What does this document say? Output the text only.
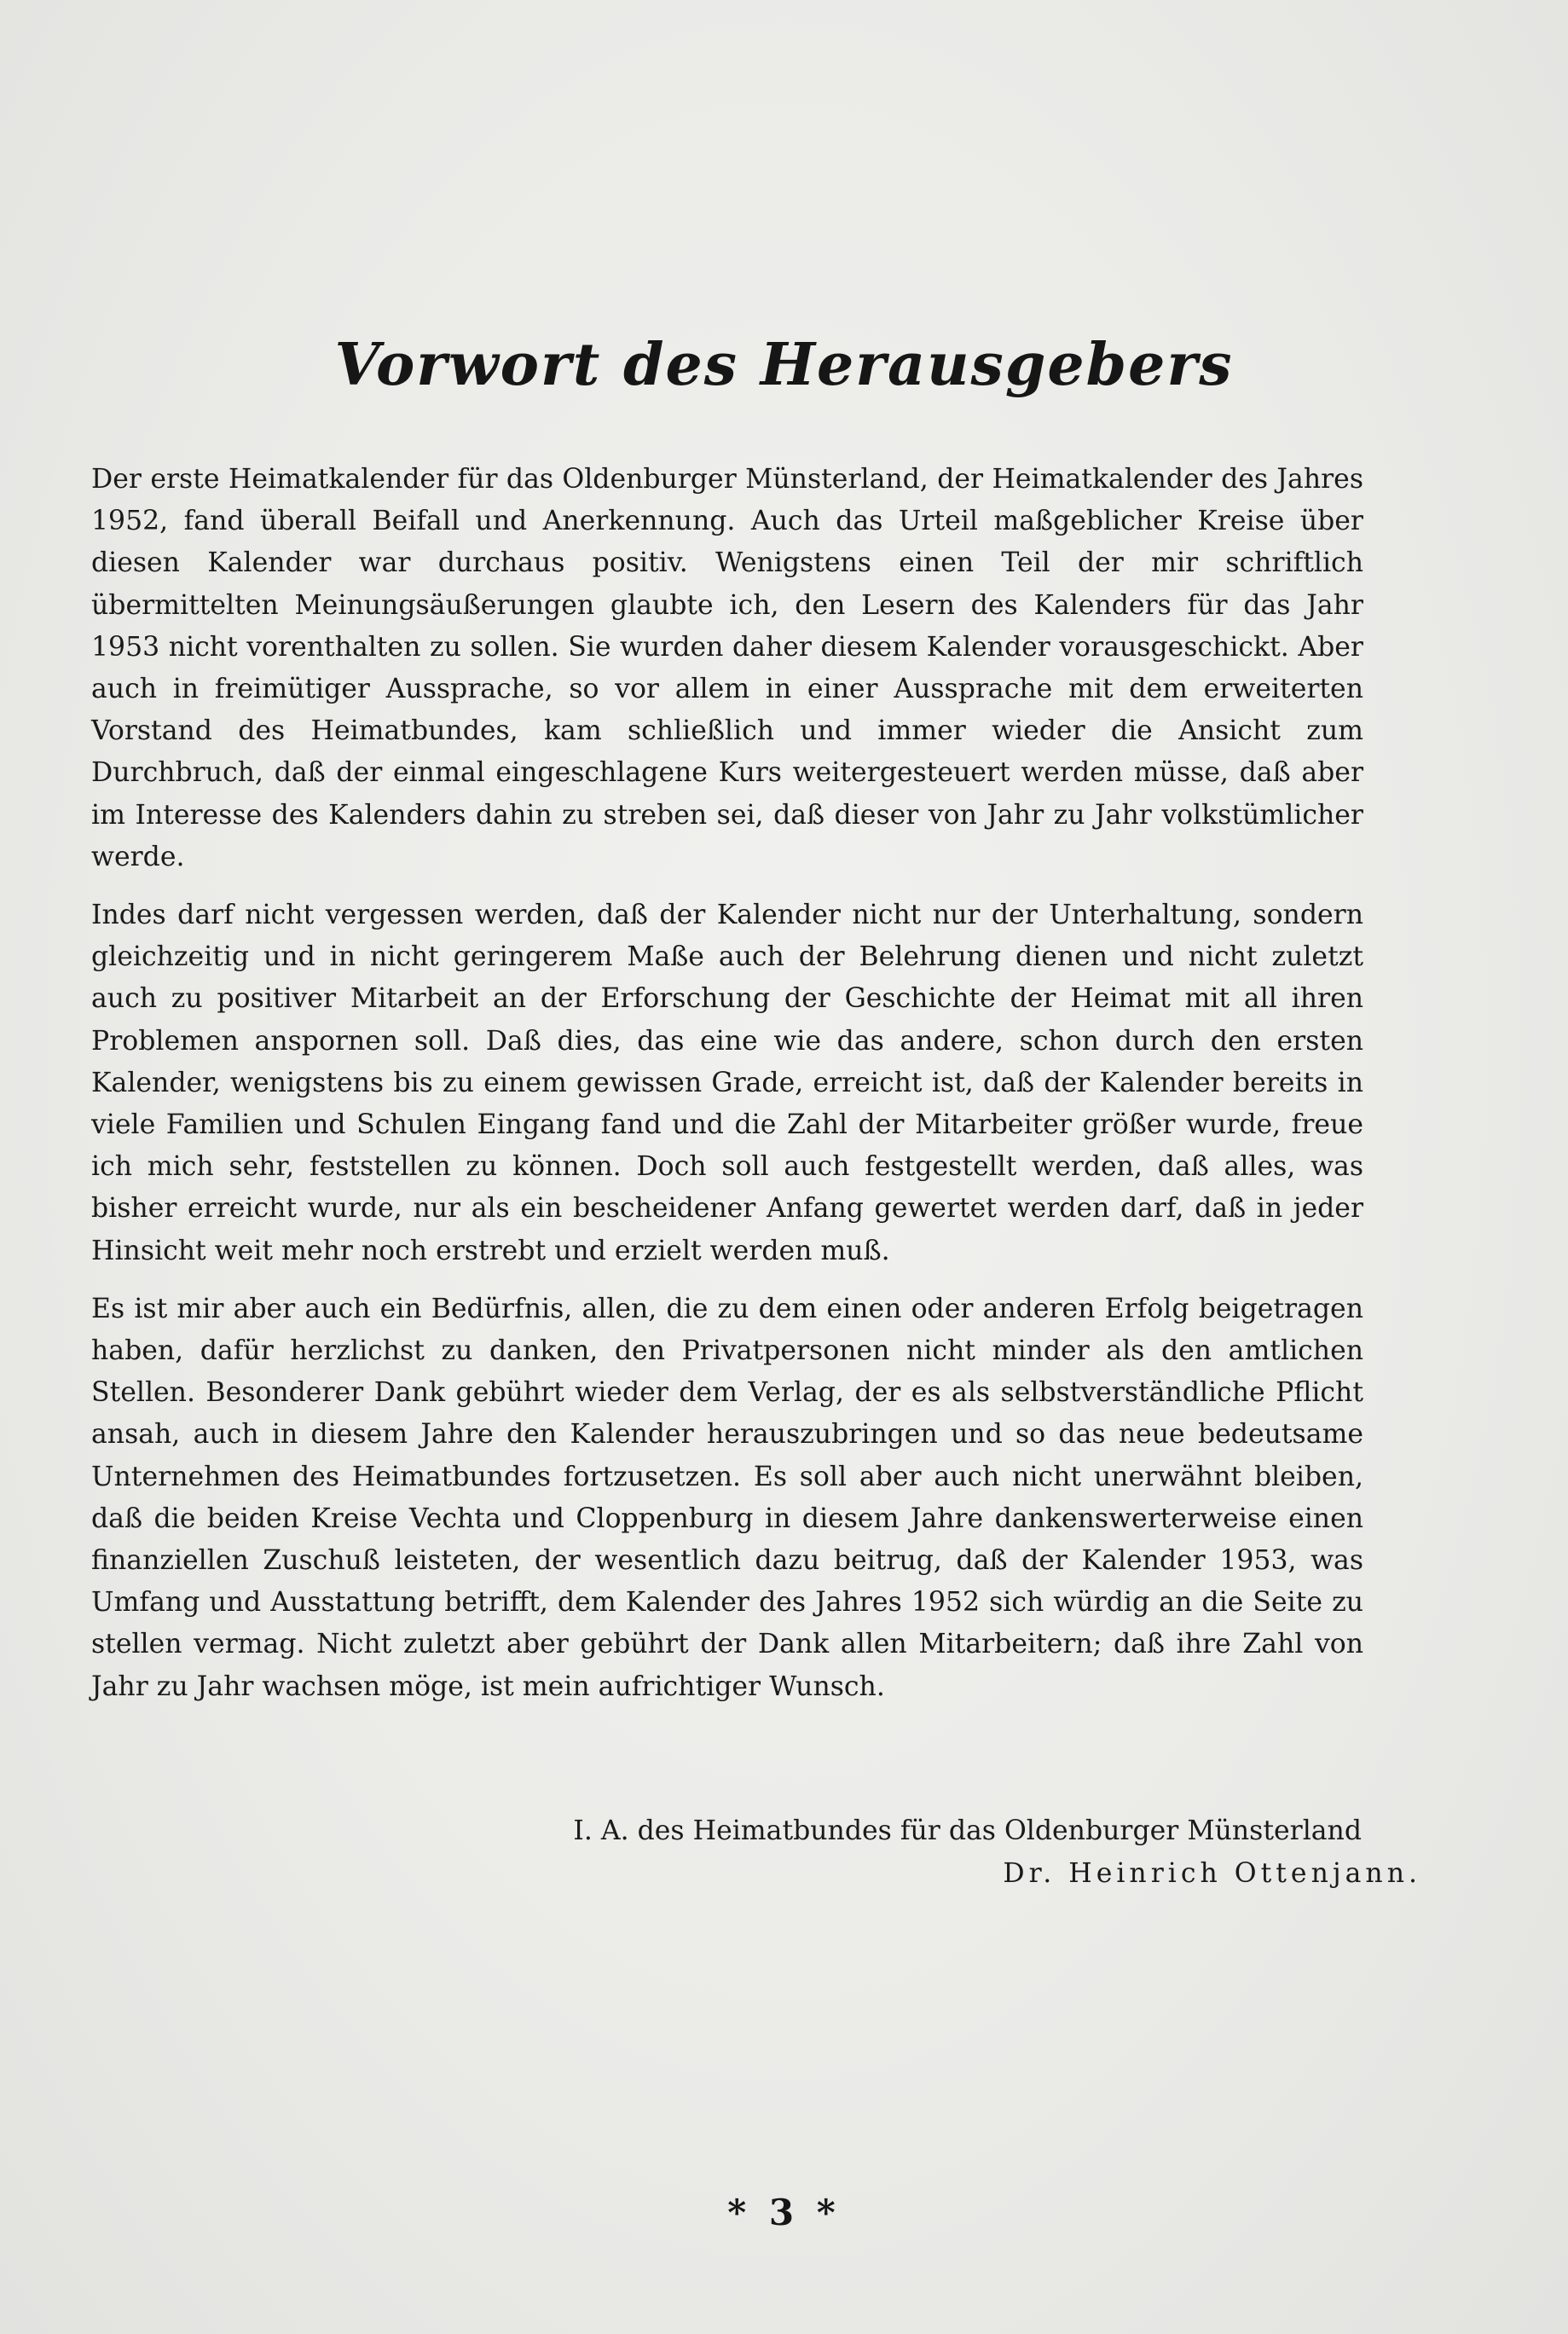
Vorwort des Herausgebers

Der erste Heimatkalender für das Oldenburger Münsterland, der Heimatkalender des Jahres 1952, fand überall Beifall und Anerkennung. Auch das Urteil maßgeblicher Kreise über diesen Kalender war durchaus positiv. Wenigstens einen Teil der mir schriftlich übermittelten Meinungsäußerungen glaubte ich, den Lesern des Kalenders für das Jahr 1953 nicht vorenthalten zu sollen. Sie wurden daher diesem Kalender vorausgeschickt. Aber auch in freimütiger Aussprache, so vor allem in einer Aussprache mit dem erweiterten Vorstand des Heimatbundes, kam schließlich und immer wieder die Ansicht zum Durchbruch, daß der einmal eingeschlagene Kurs weitergesteuert werden müsse, daß aber im Interesse des Kalenders dahin zu streben sei, daß dieser von Jahr zu Jahr volkstümlicher werde.

Indes darf nicht vergessen werden, daß der Kalender nicht nur der Unterhaltung, sondern gleichzeitig und in nicht geringerem Maße auch der Belehrung dienen und nicht zuletzt auch zu positiver Mitarbeit an der Erforschung der Geschichte der Heimat mit all ihren Problemen anspornen soll. Daß dies, das eine wie das andere, schon durch den ersten Kalender, wenigstens bis zu einem gewissen Grade, erreicht ist, daß der Kalender bereits in viele Familien und Schulen Eingang fand und die Zahl der Mitarbeiter größer wurde, freue ich mich sehr, feststellen zu können. Doch soll auch festgestellt werden, daß alles, was bisher erreicht wurde, nur als ein bescheidener Anfang gewertet werden darf, daß in jeder Hinsicht weit mehr noch erstrebt und erzielt werden muß.

Es ist mir aber auch ein Bedürfnis, allen, die zu dem einen oder anderen Erfolg beigetragen haben, dafür herzlichst zu danken, den Privatpersonen nicht minder als den amtlichen Stellen. Besonderer Dank gebührt wieder dem Verlag, der es als selbstverständliche Pflicht ansah, auch in diesem Jahre den Kalender herauszubringen und so das neue bedeutsame Unternehmen des Heimatbundes fortzusetzen. Es soll aber auch nicht unerwähnt bleiben, daß die beiden Kreise Vechta und Cloppenburg in diesem Jahre dankenswerterweise einen finanziellen Zuschuß leisteten, der wesentlich dazu beitrug, daß der Kalender 1953, was Umfang und Ausstattung betrifft, dem Kalender des Jahres 1952 sich würdig an die Seite zu stellen vermag. Nicht zuletzt aber gebührt der Dank allen Mitarbeitern; daß ihre Zahl von Jahr zu Jahr wachsen möge, ist mein aufrichtiger Wunsch.

I. A. des Heimatbundes für das Oldenburger Münsterland
Dr. Heinrich Ottenjann.
* 3 *
